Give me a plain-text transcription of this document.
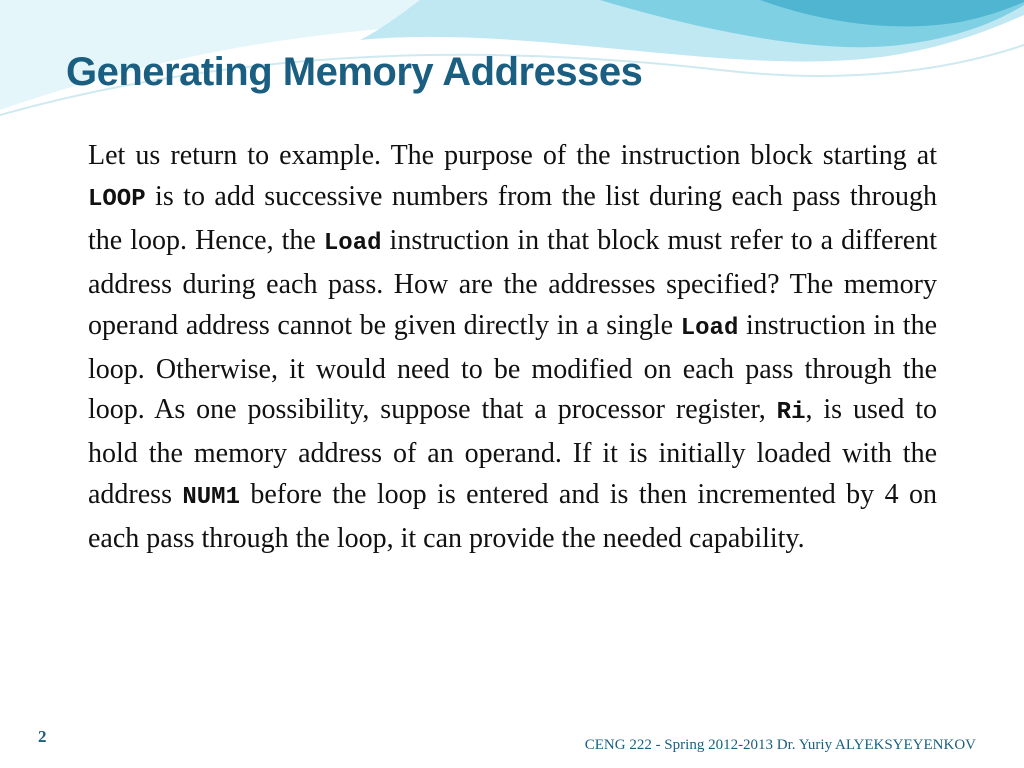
Generating Memory Addresses

Let us return to example. The purpose of the instruction block starting at LOOP is to add successive numbers from the list during each pass through the loop. Hence, the Load instruction in that block must refer to a different address during each pass. How are the addresses specified? The memory operand address cannot be given directly in a single Load instruction in the loop. Otherwise, it would need to be modified on each pass through the loop. As one possibility, suppose that a processor register, Ri, is used to hold the memory address of an operand. If it is initially loaded with the address NUM1 before the loop is entered and is then incremented by 4 on each pass through the loop, it can provide the needed capability.

2	CENG 222 - Spring 2012-2013 Dr. Yuriy ALYEKSYEYENKOV
